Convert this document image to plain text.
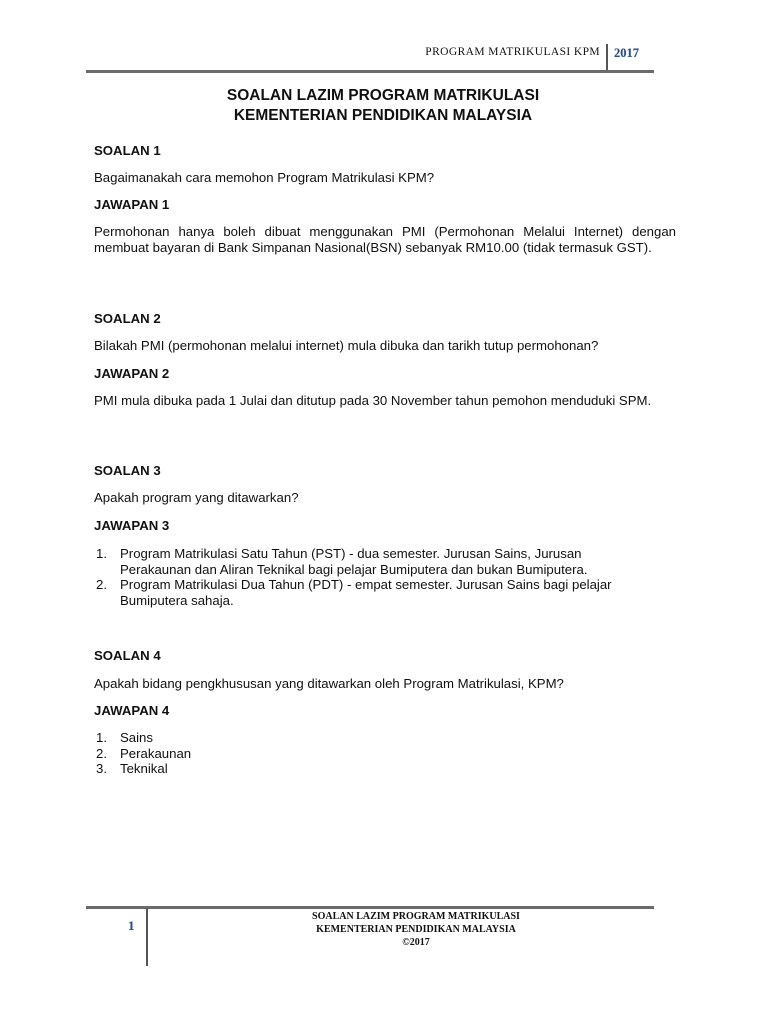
PROGRAM MATRIKULASI KPM 2017
SOALAN LAZIM PROGRAM MATRIKULASI
KEMENTERIAN PENDIDIKAN MALAYSIA
SOALAN 1
Bagaimanakah cara memohon Program Matrikulasi KPM?
JAWAPAN 1
Permohonan hanya boleh dibuat menggunakan PMI (Permohonan Melalui Internet) dengan membuat bayaran di Bank Simpanan Nasional(BSN) sebanyak RM10.00 (tidak termasuk GST).
SOALAN 2
Bilakah PMI (permohonan melalui internet) mula dibuka dan tarikh tutup permohonan?
JAWAPAN 2
PMI mula dibuka pada 1 Julai dan ditutup pada 30 November tahun pemohon menduduki SPM.
SOALAN 3
Apakah program yang ditawarkan?
JAWAPAN 3
1. Program Matrikulasi Satu Tahun (PST) - dua semester. Jurusan Sains, Jurusan
Perakaunan dan Aliran Teknikal bagi pelajar Bumiputera dan bukan Bumiputera.
2. Program Matrikulasi Dua Tahun (PDT) - empat semester. Jurusan Sains bagi pelajar
Bumiputera sahaja.
SOALAN 4
Apakah bidang pengkhususan yang ditawarkan oleh Program Matrikulasi, KPM?
JAWAPAN 4
1. Sains
2. Perakaunan
3. Teknikal
1
SOALAN LAZIM PROGRAM MATRIKULASI
KEMENTERIAN PENDIDIKAN MALAYSIA
©2017
